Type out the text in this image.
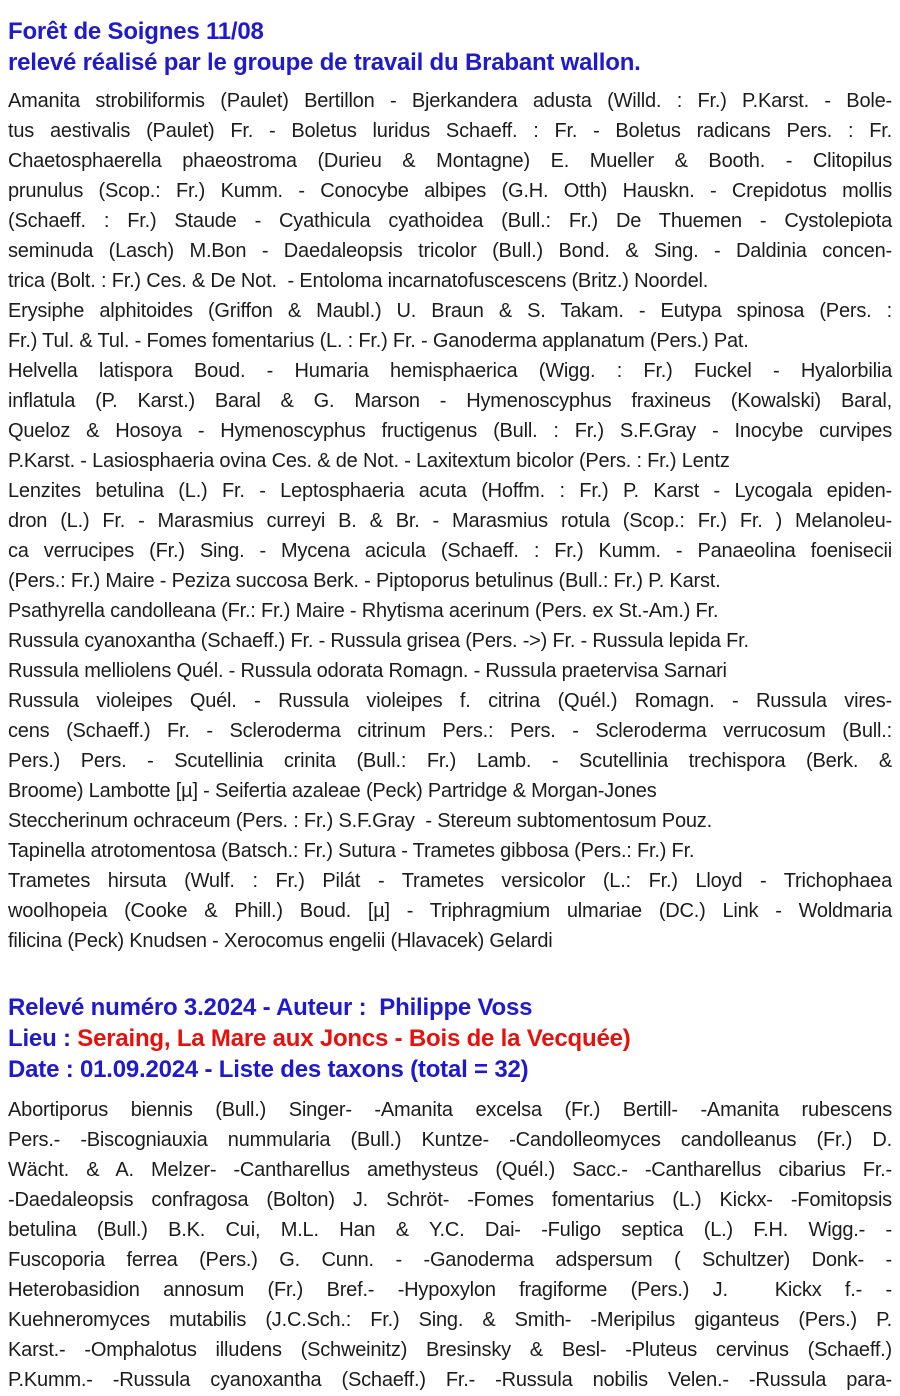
Forêt de Soignes 11/08
relevé réalisé par le groupe de travail du Brabant wallon.
Amanita strobiliformis (Paulet) Bertillon - Bjerkandera adusta (Willd. : Fr.) P.Karst. - Bole-
tus aestivalis (Paulet) Fr. - Boletus luridus Schaeff. : Fr. - Boletus radicans Pers. : Fr.
Chaetosphaerella phaeostroma (Durieu & Montagne) E. Mueller & Booth. - Clitopilus
prunulus (Scop.: Fr.) Kumm. - Conocybe albipes (G.H. Otth) Hauskn. - Crepidotus mollis
(Schaeff. : Fr.) Staude - Cyathicula cyathoidea (Bull.: Fr.) De Thuemen - Cystolepiota
seminuda (Lasch) M.Bon - Daedaleopsis tricolor (Bull.) Bond. & Sing. - Daldinia concen-
trica (Bolt. : Fr.) Ces. & De Not.  - Entoloma incarnatofuscescens (Britz.) Noordel.
Erysiphe alphitoides (Griffon & Maubl.) U. Braun & S. Takam. - Eutypa spinosa (Pers. :
Fr.) Tul. & Tul. - Fomes fomentarius (L. : Fr.) Fr. - Ganoderma applanatum (Pers.) Pat.
Helvella latispora Boud. - Humaria hemisphaerica (Wigg. : Fr.) Fuckel - Hyalorbilia
inflatula (P. Karst.) Baral & G. Marson - Hymenoscyphus fraxineus (Kowalski) Baral,
Queloz & Hosoya - Hymenoscyphus fructigenus (Bull. : Fr.) S.F.Gray - Inocybe curvipes
P.Karst. - Lasiosphaeria ovina Ces. & de Not. - Laxitextum bicolor (Pers. : Fr.) Lentz
Lenzites betulina (L.) Fr. - Leptosphaeria acuta (Hoffm. : Fr.) P. Karst - Lycogala epiden-
dron (L.) Fr. - Marasmius curreyi B. & Br. - Marasmius rotula (Scop.: Fr.) Fr. ) Melanoleu-
ca verrucipes (Fr.) Sing. - Mycena acicula (Schaeff. : Fr.) Kumm. - Panaeolina foenisecii
(Pers.: Fr.) Maire - Peziza succosa Berk. - Piptoporus betulinus (Bull.: Fr.) P. Karst.
Psathyrella candolleana (Fr.: Fr.) Maire - Rhytisma acerinum (Pers. ex St.-Am.) Fr.
Russula cyanoxantha (Schaeff.) Fr. - Russula grisea (Pers. ->) Fr. - Russula lepida Fr.
Russula melliolens Quél. - Russula odorata Romagn. - Russula praetervisa Sarnari
Russula violeipes Quél. - Russula violeipes f. citrina (Quél.) Romagn. - Russula vires-
cens (Schaeff.) Fr. - Scleroderma citrinum Pers.: Pers. - Scleroderma verrucosum (Bull.:
Pers.) Pers. - Scutellinia crinita (Bull.: Fr.) Lamb. - Scutellinia trechispora (Berk. &
Broome) Lambotte [µ] - Seifertia azaleae (Peck) Partridge & Morgan-Jones
Steccherinum ochraceum (Pers. : Fr.) S.F.Gray  - Stereum subtomentosum Pouz.
Tapinella atrotomentosa (Batsch.: Fr.) Sutura - Trametes gibbosa (Pers.: Fr.) Fr.
Trametes hirsuta (Wulf. : Fr.) Pilát - Trametes versicolor (L.: Fr.) Lloyd - Trichophaea
woolhopeia (Cooke & Phill.) Boud. [µ] - Triphragmium ulmariae (DC.) Link - Woldmaria
filicina (Peck) Knudsen - Xerocomus engelii (Hlavacek) Gelardi
Relevé numéro 3.2024 - Auteur :  Philippe Voss
Lieu : Seraing, La Mare aux Joncs - Bois de la Vecquée)
Date : 01.09.2024 - Liste des taxons (total = 32)
Abortiporus biennis (Bull.) Singer- -Amanita excelsa (Fr.) Bertill- -Amanita rubescens
Pers.- -Biscogniauxia nummularia (Bull.) Kuntze- -Candolleomyces candolleanus (Fr.) D.
Wächt. & A. Melzer- -Cantharellus amethysteus (Quél.) Sacc.- -Cantharellus cibarius Fr.-
-Daedaleopsis confragosa (Bolton) J. Schröt- -Fomes fomentarius (L.) Kickx- -Fomitopsis
betulina (Bull.) B.K. Cui, M.L. Han & Y.C. Dai- -Fuligo septica (L.) F.H. Wigg.- -
Fuscoporia ferrea (Pers.) G. Cunn. - -Ganoderma adspersum ( Schultzer) Donk- -
Heterobasidion annosum (Fr.) Bref.- -Hypoxylon fragiforme (Pers.) J.  Kickx f.- -
Kuehneromyces mutabilis (J.C.Sch.: Fr.) Sing. & Smith- -Meripilus giganteus (Pers.) P.
Karst.- -Omphalotus illudens (Schweinitz) Bresinsky & Besl- -Pluteus cervinus (Schaeff.)
P.Kumm.- -Russula cyanoxantha (Schaeff.) Fr.- -Russula nobilis Velen.- -Russula para-
